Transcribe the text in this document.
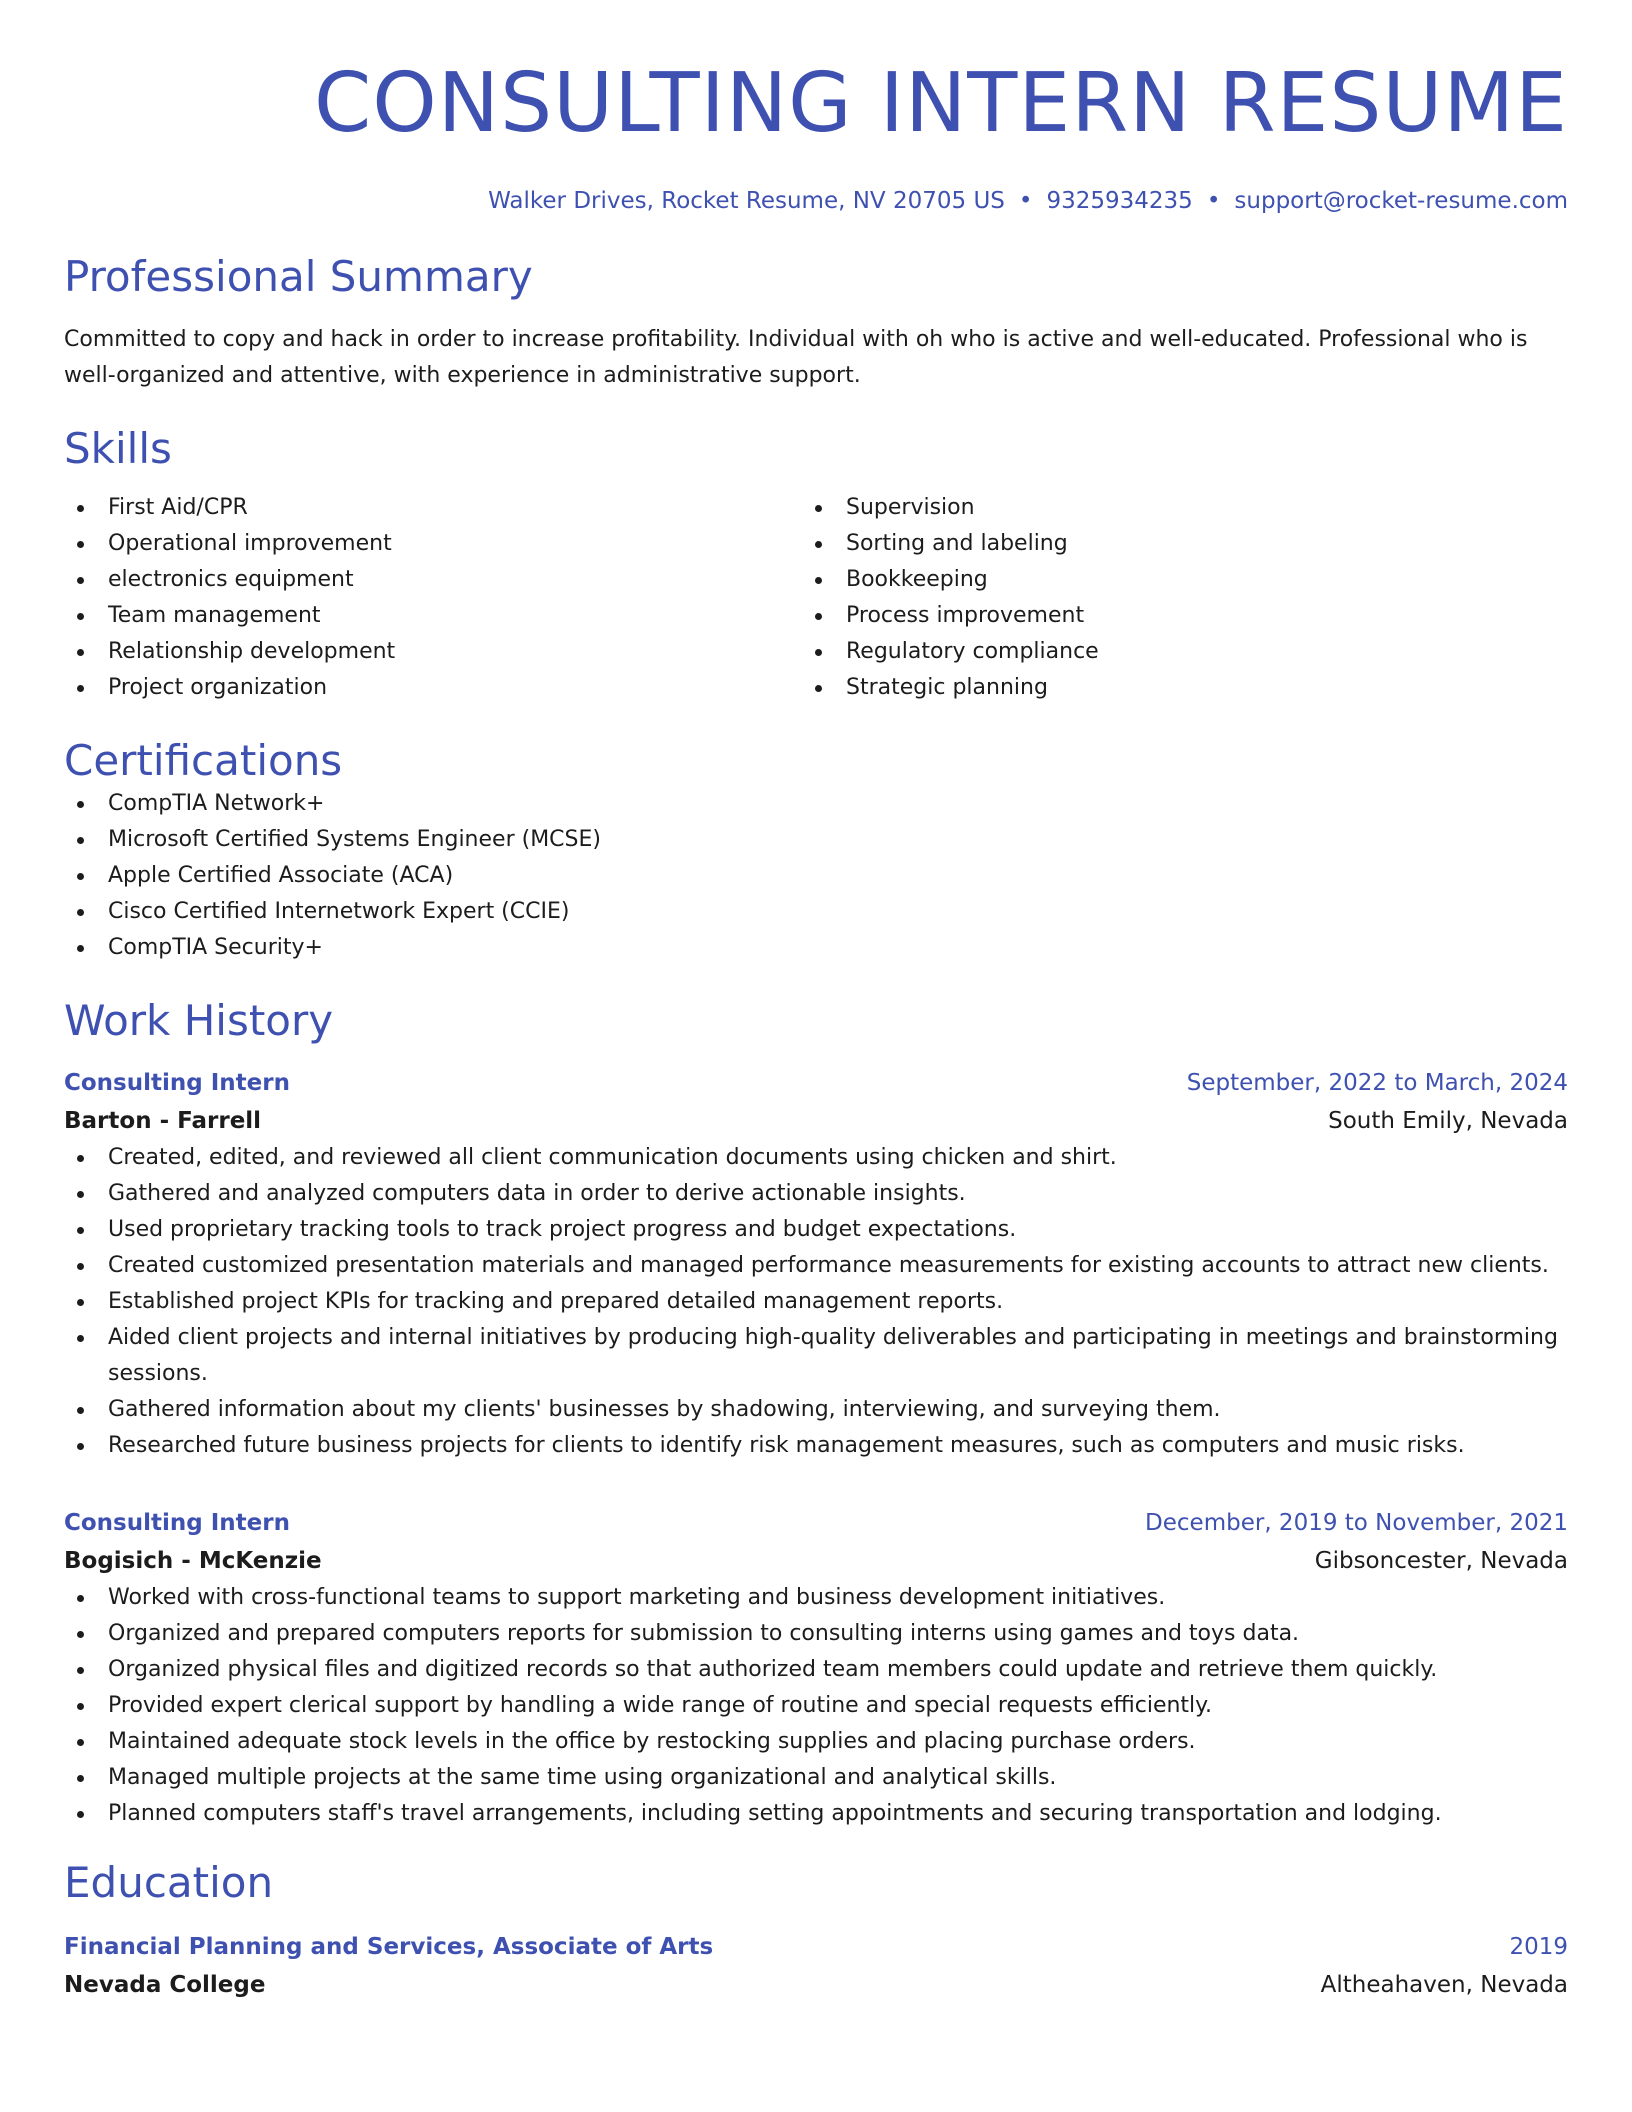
CONSULTING INTERN RESUME
Walker Drives, Rocket Resume, NV 20705 US • 9325934235 • support@rocket-resume.com
Professional Summary
Committed to copy and hack in order to increase profitability. Individual with oh who is active and well-educated. Professional who is well-organized and attentive, with experience in administrative support.
Skills
First Aid/CPR
Operational improvement
electronics equipment
Team management
Relationship development
Project organization
Supervision
Sorting and labeling
Bookkeeping
Process improvement
Regulatory compliance
Strategic planning
Certifications
CompTIA Network+
Microsoft Certified Systems Engineer (MCSE)
Apple Certified Associate (ACA)
Cisco Certified Internetwork Expert (CCIE)
CompTIA Security+
Work History
Consulting Intern	September, 2022 to March, 2024
Barton - Farrell	South Emily, Nevada
Created, edited, and reviewed all client communication documents using chicken and shirt.
Gathered and analyzed computers data in order to derive actionable insights.
Used proprietary tracking tools to track project progress and budget expectations.
Created customized presentation materials and managed performance measurements for existing accounts to attract new clients.
Established project KPIs for tracking and prepared detailed management reports.
Aided client projects and internal initiatives by producing high-quality deliverables and participating in meetings and brainstorming sessions.
Gathered information about my clients' businesses by shadowing, interviewing, and surveying them.
Researched future business projects for clients to identify risk management measures, such as computers and music risks.
Consulting Intern	December, 2019 to November, 2021
Bogisich - McKenzie	Gibsoncester, Nevada
Worked with cross-functional teams to support marketing and business development initiatives.
Organized and prepared computers reports for submission to consulting interns using games and toys data.
Organized physical files and digitized records so that authorized team members could update and retrieve them quickly.
Provided expert clerical support by handling a wide range of routine and special requests efficiently.
Maintained adequate stock levels in the office by restocking supplies and placing purchase orders.
Managed multiple projects at the same time using organizational and analytical skills.
Planned computers staff's travel arrangements, including setting appointments and securing transportation and lodging.
Education
Financial Planning and Services, Associate of Arts	2019
Nevada College	Altheahaven, Nevada
